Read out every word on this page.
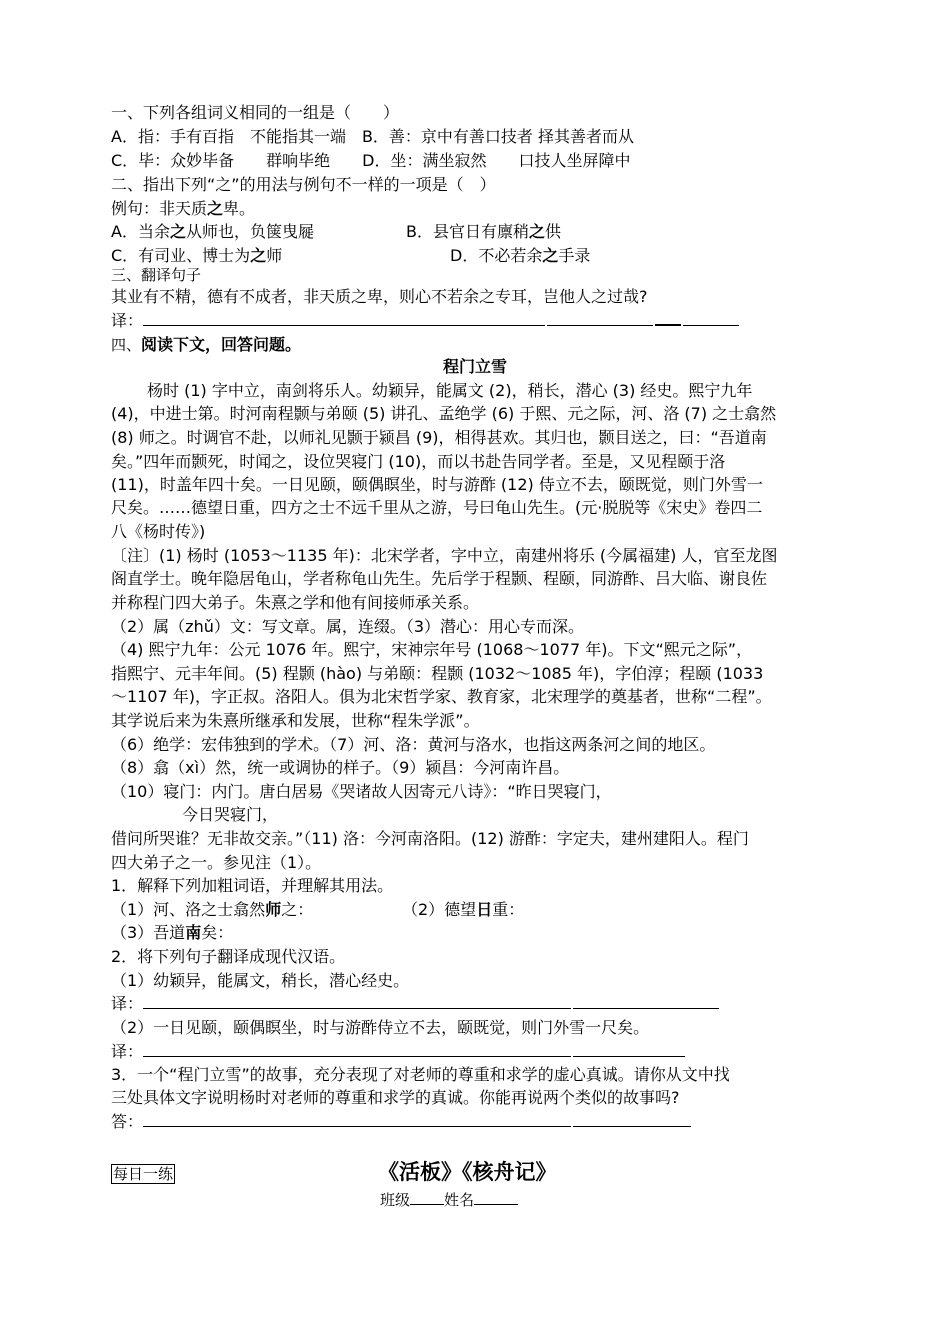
一、下列各组词义相同的一组是（　　）
A．指：手有百指　不能指其一端　B．善：京中有善口技者 择其善者而从
C．毕：众妙毕备　　群响毕绝　　D．坐：满坐寂然　　口技人坐屏障中
二、指出下列“之”的用法与例句不一样的一项是（　）
例句：非天质之卑。
A．当余之从师也，负箧曳屣	B．县官日有廪稍之供
C．有司业、博士为之师	D．不必若余之手录
三、翻译句子
其业有不精，德有不成者，非天质之卑，则心不若余之专耳，岂他人之过哉?
译：
四、阅读下文，回答问题。
程门立雪
杨时 (1) 字中立，南剑将乐人。幼颖异，能属文 (2)，稍长，潜心 (3) 经史。熙宁九年
(4)，中进士第。时河南程颢与弟颐 (5) 讲孔、孟绝学 (6) 于熙、元之际，河、洛 (7) 之士翕然
(8) 师之。时调官不赴，以师礼见颢于颍昌 (9)，相得甚欢。其归也，颢目送之，曰：“吾道南
矣。”四年而颢死，时闻之，设位哭寝门 (10)，而以书赴告同学者。至是，又见程颐于洛
(11)，时盖年四十矣。一日见颐，颐偶瞑坐，时与游酢 (12) 侍立不去，颐既觉，则门外雪一
尺矣。……德望日重，四方之士不远千里从之游，号曰龟山先生。(元·脱脱等《宋史》卷四二
八《杨时传》)
〔注〕(1) 杨时 (1053～1135 年)：北宋学者，字中立，南建州将乐 (今属福建) 人，官至龙图
阁直学士。晚年隐居龟山，学者称龟山先生。先后学于程颢、程颐，同游酢、吕大临、谢良佐
并称程门四大弟子。朱熹之学和他有间接师承关系。
（2）属（zhǔ）文：写文章。属，连缀。（3）潜心：用心专而深。
（4) 熙宁九年：公元 1076 年。熙宁，宋神宗年号 (1068～1077 年)。下文“熙元之际”，
指熙宁、元丰年间。(5) 程颢 (hào) 与弟颐：程颢 (1032～1085 年)，字伯淳；程颐 (1033
～1107 年)，字正叔。洛阳人。俱为北宋哲学家、教育家，北宋理学的奠基者，世称“二程”。
其学说后来为朱熹所继承和发展，世称“程朱学派”。
（6）绝学：宏伟独到的学术。（7）河、洛：黄河与洛水，也指这两条河之间的地区。
（8）翕（xì）然，统一或调协的样子。（9）颍昌：今河南许昌。
（10）寝门：内门。唐白居易《哭诸故人因寄元八诗》：“昨日哭寝门，
今日哭寝门，
借问所哭谁？无非故交亲。”（11) 洛：今河南洛阳。(12) 游酢：字定夫，建州建阳人。程门
四大弟子之一。参见注（1）。
1．解释下列加粗词语，并理解其用法。
（1）河、洛之士翕然师之：	（2）德望日重：
（3）吾道南矣：
2．将下列句子翻译成现代汉语。
（1）幼颖异，能属文，稍长，潜心经史。
译：
（2）一日见颐，颐偶瞑坐，时与游酢侍立不去，颐既觉，则门外雪一尺矣。
译：
3．一个“程门立雪”的故事，充分表现了对老师的尊重和求学的虚心真诚。请你从文中找
三处具体文字说明杨时对老师的尊重和求学的真诚。你能再说两个类似的故事吗?
答：
每日一练	《活板》《核舟记》
班级 姓名
